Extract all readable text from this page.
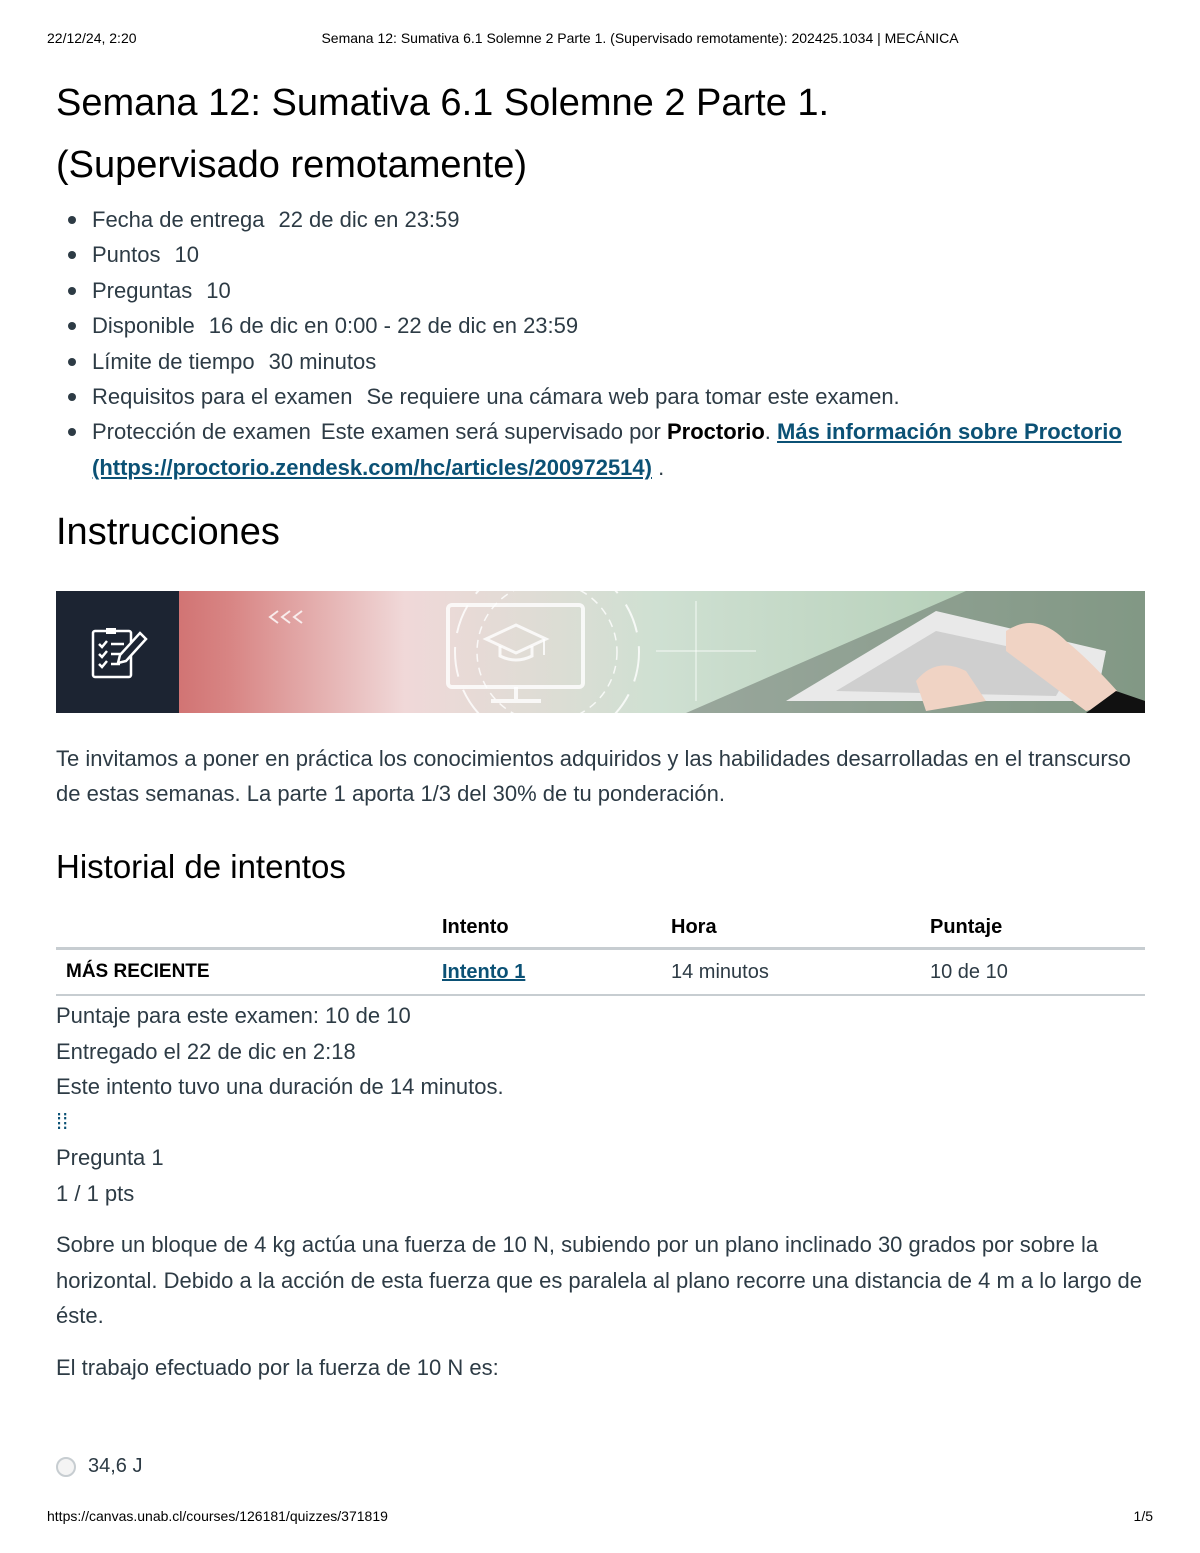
22/12/24, 2:20	Semana 12: Sumativa 6.1 Solemne 2 Parte 1. (Supervisado remotamente): 202425.1034 | MECÁNICA
Semana 12: Sumativa 6.1 Solemne 2 Parte 1.
(Supervisado remotamente)
Fecha de entrega 22 de dic en 23:59
Puntos 10
Preguntas 10
Disponible 16 de dic en 0:00 - 22 de dic en 23:59
Límite de tiempo 30 minutos
Requisitos para el examen Se requiere una cámara web para tomar este examen.
Protección de examen Este examen será supervisado por Proctorio. Más información sobre Proctorio (https://proctorio.zendesk.com/hc/articles/200972514) .
Instrucciones

Te invitamos a poner en práctica los conocimientos adquiridos y las habilidades desarrolladas en el transcurso de estas semanas. La parte 1 aporta 1/3 del 30% de tu ponderación.

Historial de intentos
	Intento	Hora	Puntaje
MÁS RECIENTE	Intento 1	14 minutos	10 de 10
Puntaje para este examen: 10 de 10
Entregado el 22 de dic en 2:18
Este intento tuvo una duración de 14 minutos.
⁞⁞
Pregunta 1
1 / 1 pts

Sobre un bloque de 4 kg actúa una fuerza de 10 N, subiendo por un plano inclinado 30 grados por sobre la horizontal. Debido a la acción de esta fuerza que es paralela al plano recorre una distancia de 4 m a lo largo de éste.

El trabajo efectuado por la fuerza de 10 N es:

34,6 J
https://canvas.unab.cl/courses/126181/quizzes/371819	1/5
